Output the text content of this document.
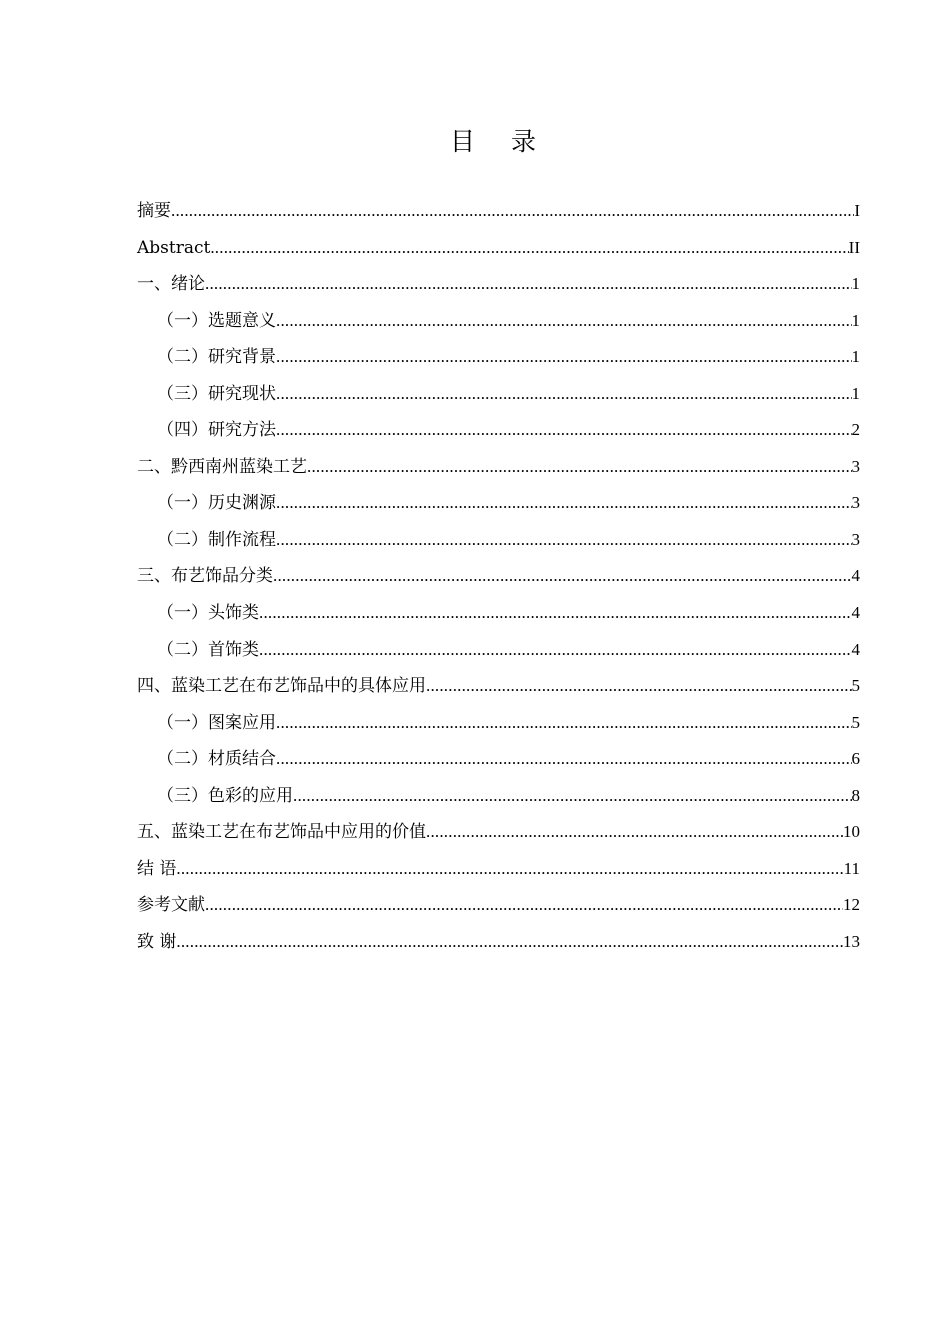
目 录
摘要 .....	I
Abstract .....	II
一、绪论 .....	1
（一）选题意义 .....	1
（二）研究背景 .....	1
（三）研究现状 .....	1
（四）研究方法 .....	2
二、黔西南州蓝染工艺 .....	3
（一）历史渊源 .....	3
（二）制作流程 .....	3
三、布艺饰品分类 .....	4
（一）头饰类 .....	4
（二）首饰类 .....	4
四、蓝染工艺在布艺饰品中的具体应用 .....	5
（一）图案应用 .....	5
（二）材质结合 .....	6
（三）色彩的应用 .....	8
五、蓝染工艺在布艺饰品中应用的价值 .....	10
结 语 .....	11
参考文献 .....	12
致 谢 .....	13
